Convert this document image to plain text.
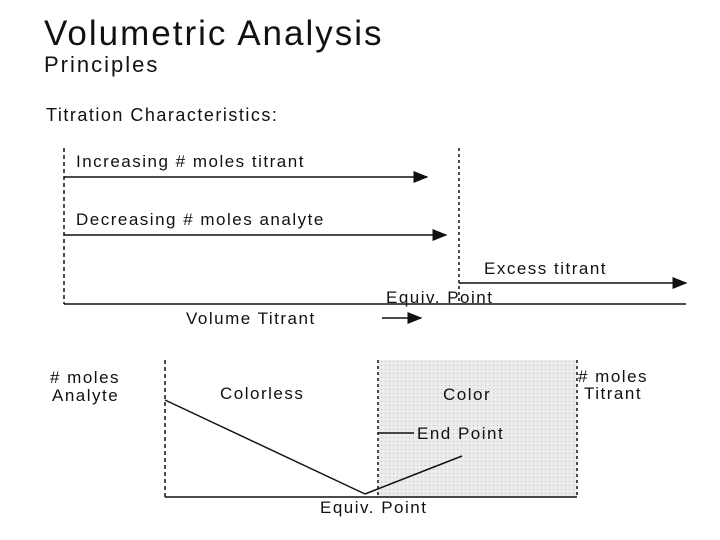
Volumetric Analysis
Principles
Titration Characteristics:
Increasing # moles titrant
Decreasing # moles analyte
Excess titrant
Equiv. Point
Volume Titrant
# moles
Analyte	Colorless	Color
# moles
Titrant
End Point
Equiv. Point
